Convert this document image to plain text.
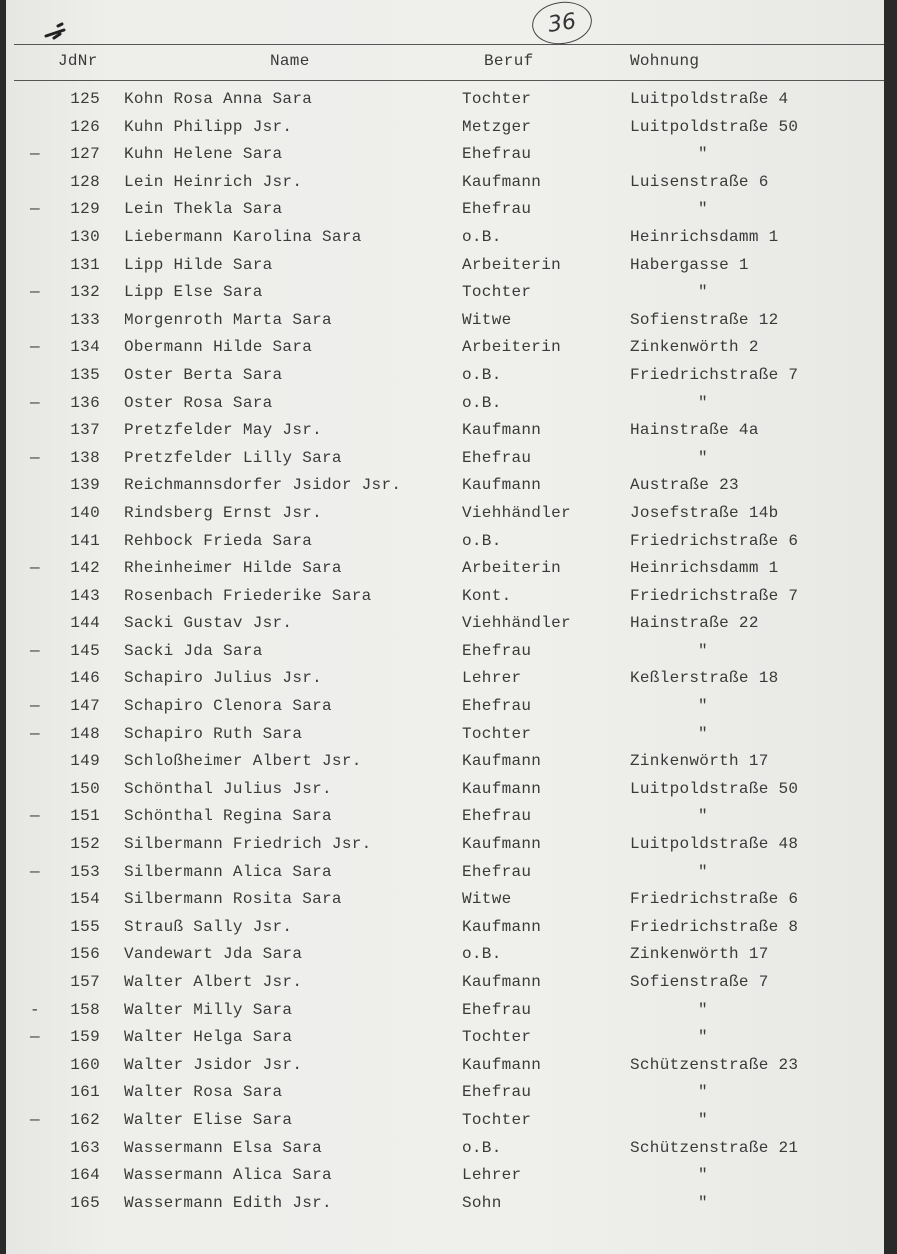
36
JdNr	Name	Beruf	Wohnung
125 Kohn Rosa Anna Sara	Tochter	Luitpoldstraße 4
126 Kuhn Philipp Jsr.	Metzger	Luitpoldstraße 50
—	127 Kuhn Helene Sara	Ehefrau	"
128 Lein Heinrich Jsr.	Kaufmann	Luisenstraße 6
—	129 Lein Thekla Sara	Ehefrau	"
130 Liebermann Karolina Sara	o.B.	Heinrichsdamm 1
131 Lipp Hilde Sara	Arbeiterin	Habergasse 1
—	132 Lipp Else Sara	Tochter	"
133 Morgenroth Marta Sara	Witwe	Sofienstraße 12
—	134 Obermann Hilde Sara	Arbeiterin	Zinkenwörth 2
135 Oster Berta Sara	o.B.	Friedrichstraße 7
—	136 Oster Rosa Sara	o.B.	"
137 Pretzfelder May Jsr.	Kaufmann	Hainstraße 4a
—	138 Pretzfelder Lilly Sara	Ehefrau	"
139 Reichmannsdorfer Jsidor Jsr.	Kaufmann	Austraße 23
140 Rindsberg Ernst Jsr.	Viehhändler	Josefstraße 14b
141 Rehbock Frieda Sara	o.B.	Friedrichstraße 6
—	142 Rheinheimer Hilde Sara	Arbeiterin	Heinrichsdamm 1
143 Rosenbach Friederike Sara	Kont.	Friedrichstraße 7
144 Sacki Gustav Jsr.	Viehhändler	Hainstraße 22
—	145 Sacki Jda Sara	Ehefrau	"
146 Schapiro Julius Jsr.	Lehrer	Keßlerstraße 18
—	147 Schapiro Clenora Sara	Ehefrau	"
—	148 Schapiro Ruth Sara	Tochter	"
149 Schloßheimer Albert Jsr.	Kaufmann	Zinkenwörth 17
150 Schönthal Julius Jsr.	Kaufmann	Luitpoldstraße 50
—	151 Schönthal Regina Sara	Ehefrau	"
152 Silbermann Friedrich Jsr.	Kaufmann	Luitpoldstraße 48
—	153 Silbermann Alica Sara	Ehefrau	"
154 Silbermann Rosita Sara	Witwe	Friedrichstraße 6
155 Strauß Sally Jsr.	Kaufmann	Friedrichstraße 8
156 Vandewart Jda Sara	o.B.	Zinkenwörth 17
157 Walter Albert Jsr.	Kaufmann	Sofienstraße 7
-	158 Walter Milly Sara	Ehefrau	"
—	159 Walter Helga Sara	Tochter	"
160 Walter Jsidor Jsr.	Kaufmann	Schützenstraße 23
161 Walter Rosa Sara	Ehefrau	"
—	162 Walter Elise Sara	Tochter	"
163 Wassermann Elsa Sara	o.B.	Schützenstraße 21
164 Wassermann Alica Sara	Lehrer	"
165 Wassermann Edith Jsr.	Sohn	"
